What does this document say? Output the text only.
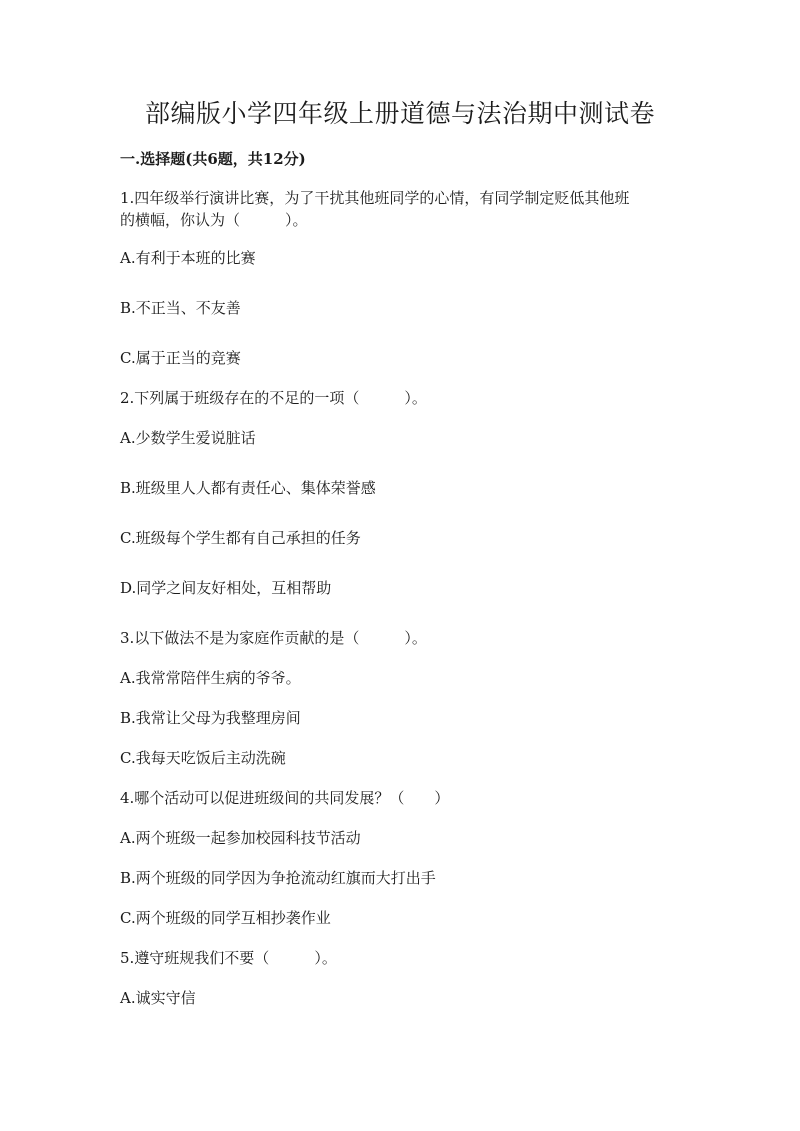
部编版小学四年级上册道德与法治期中测试卷

一.选择题(共6题，共12分)

1.四年级举行演讲比赛，为了干扰其他班同学的心情，有同学制定贬低其他班

的横幅，你认为（　　　）。

A.有利于本班的比赛

B.不正当、不友善

C.属于正当的竞赛

2.下列属于班级存在的不足的一项（　　　）。

A.少数学生爱说脏话

B.班级里人人都有责任心、集体荣誉感

C.班级每个学生都有自己承担的任务

D.同学之间友好相处，互相帮助

3.以下做法不是为家庭作贡献的是（　　　）。

A.我常常陪伴生病的爷爷。

B.我常让父母为我整理房间

C.我每天吃饭后主动洗碗

4.哪个活动可以促进班级间的共同发展？（　　）

A.两个班级一起参加校园科技节活动

B.两个班级的同学因为争抢流动红旗而大打出手

C.两个班级的同学互相抄袭作业

5.遵守班规我们不要（　　　）。

A.诚实守信
